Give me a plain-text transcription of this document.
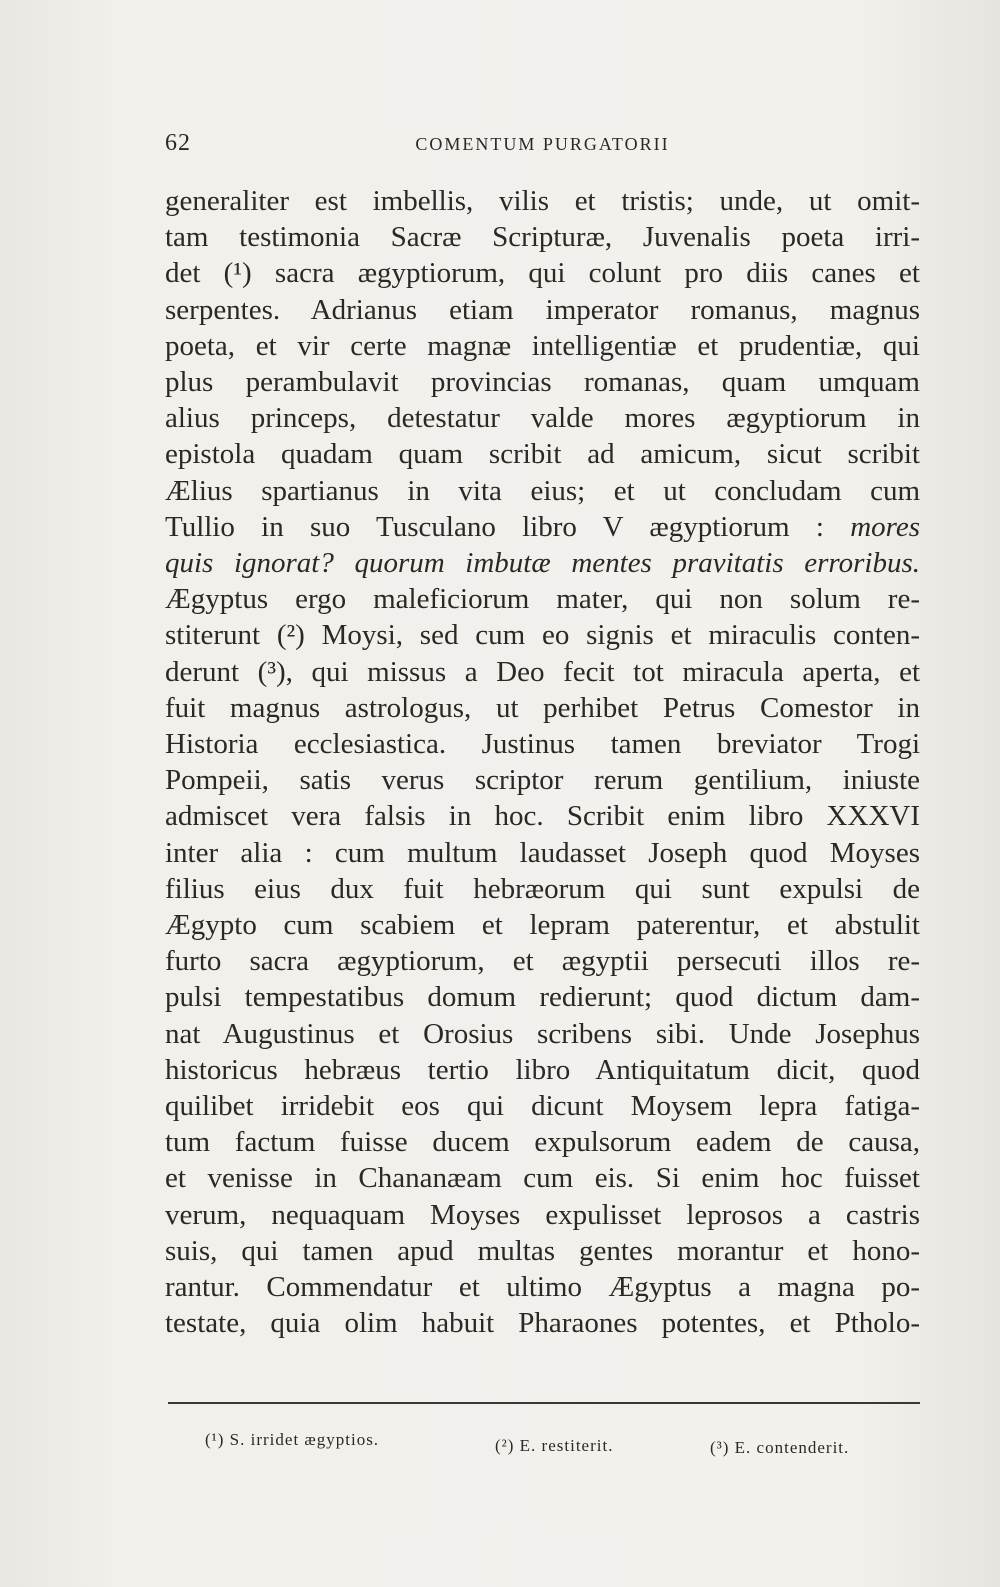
62	COMENTUM PURGATORII
generaliter est imbellis, vilis et tristis; unde, ut omit-
tam testimonia Sacræ Scripturæ, Juvenalis poeta irri-
det (¹) sacra ægyptiorum, qui colunt pro diis canes et
serpentes. Adrianus etiam imperator romanus, magnus
poeta, et vir certe magnæ intelligentiæ et prudentiæ, qui
plus perambulavit provincias romanas, quam umquam
alius princeps, detestatur valde mores ægyptiorum in
epistola quadam quam scribit ad amicum, sicut scribit
Ælius spartianus in vita eius; et ut concludam cum
Tullio in suo Tusculano libro V ægyptiorum : mores
quis ignorat? quorum imbutæ mentes pravitatis erroribus.
Ægyptus ergo maleficiorum mater, qui non solum re-
stiterunt (²) Moysi, sed cum eo signis et miraculis conten-
derunt (³), qui missus a Deo fecit tot miracula aperta, et
fuit magnus astrologus, ut perhibet Petrus Comestor in
Historia ecclesiastica. Justinus tamen breviator Trogi
Pompeii, satis verus scriptor rerum gentilium, iniuste
admiscet vera falsis in hoc. Scribit enim libro XXXVI
inter alia : cum multum laudasset Joseph quod Moyses
filius eius dux fuit hebræorum qui sunt expulsi de
Ægypto cum scabiem et lepram paterentur, et abstulit
furto sacra ægyptiorum, et ægyptii persecuti illos re-
pulsi tempestatibus domum redierunt; quod dictum dam-
nat Augustinus et Orosius scribens sibi. Unde Josephus
historicus hebræus tertio libro Antiquitatum dicit, quod
quilibet irridebit eos qui dicunt Moysem lepra fatiga-
tum factum fuisse ducem expulsorum eadem de causa,
et venisse in Chananæam cum eis. Si enim hoc fuisset
verum, nequaquam Moyses expulisset leprosos a castris
suis, qui tamen apud multas gentes morantur et hono-
rantur. Commendatur et ultimo Ægyptus a magna po-
testate, quia olim habuit Pharaones potentes, et Ptholo-
(¹) S. irridet ægyptios.	(²) E. restiterit.	(³) E. contenderit.
